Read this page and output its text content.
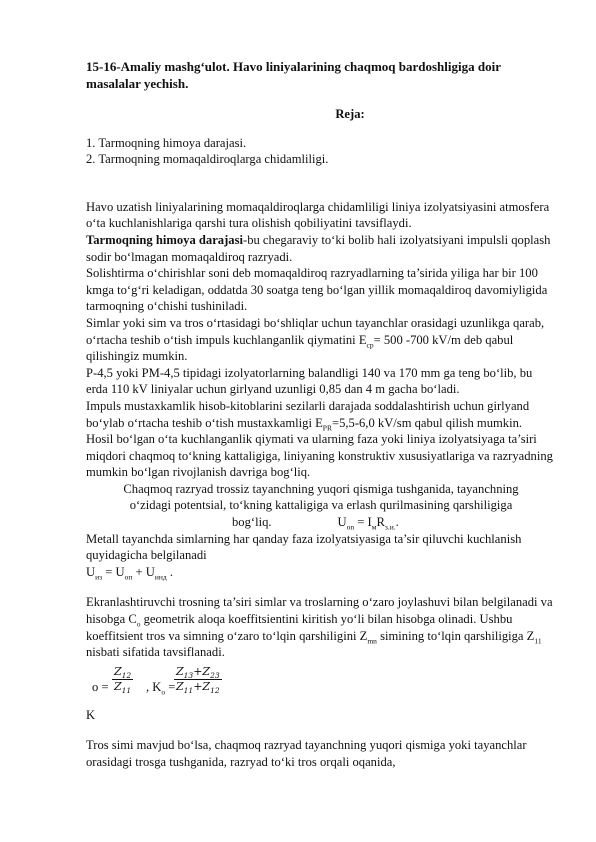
15-16-Amaliy mashg‘ulot. Havo liniyalarining chaqmoq bardoshligiga doir masalalar yechish.

Reja:

1. Tarmoqning himoya darajasi.

2. Tarmoqning momaqaldiroqlarga chidamliligi.

Havo uzatish liniyalarining momaqaldiroqlarga chidamliligi liniya izolyatsiyasini atmosfera o‘ta kuchlanishlariga qarshi tura olishish qobiliyatini tavsiflaydi.

Tarmoqning himoya darajasi-bu chegaraviy to‘ki bolib hali izolyatsiyani impulsli qoplash sodir bo‘lmagan momaqaldiroq razryadi.

Solishtirma o‘chirishlar soni deb momaqaldiroq razryadlarning ta’sirida yiliga har bir 100 kmga to‘g‘ri keladigan, oddatda 30 soatga teng bo‘lgan yillik momaqaldiroq davomiyligida tarmoqning o‘chishi tushiniladi.

Simlar yoki sim va tros o‘rtasidagi bo‘shliqlar uchun tayanchlar orasidagi uzunlikga qarab, o‘rtacha teshib o‘tish impuls kuchlanganlik qiymatini $E_{cp}= 500$ -700 kV/m deb qabul qilishingiz mumkin.

P-4,5 yoki PM-4,5 tipidagi izolyatorlarning balandligi 140 va 170 mm ga teng bo‘lib, bu erda 110 kV liniyalar uchun girlyand uzunligi 0,85 dan 4 m gacha bo‘ladi.

Impuls mustaxkamlik hisob-kitoblarini sezilarli darajada soddalashtirish uchun girlyand bo‘ylab o‘rtacha teshib o‘tish mustaxkamligi $E_{PR}=5,5-6,0$ kV/sm qabul qilish mumkin.

Hosil bo‘lgan o‘ta kuchlanganlik qiymati va ularning faza yoki liniya izolyatsiyaga ta’siri miqdori chaqmoq to‘kning kattaligiga, liniyaning konstruktiv xususiyatlariga va razryadning mumkin bo‘lgan rivojlanish davriga bog‘liq.

Chaqmoq razryad trossiz tayanchning yuqori qismiga tushganida, tayanchning

o‘zidagi potentsial, to‘kning kattaligiga va erlash qurilmasining qarshiligiga

bog‘liq.	$U_{on} = I_мR_{з.и.}$.

Metall tayanchda simlarning har qanday faza izolyatsiyasiga ta’sir qiluvchi kuchlanish quyidagicha belgilanadi

$U_{из} = U_{оп} + U_{инд}$ .

Ekranlashtiruvchi trosning ta’siri simlar va troslarning o‘zaro joylashuvi bilan belgilanadi va hisobga $C_o$ geometrik aloqa koeffitsientini kiritish yo‘li bilan hisobga olinadi. Ushbu koeffitsient tros va simning o‘zaro to‘lqin qarshiligini $Z_{mn}$ simining to‘lqin qarshiligiga $Z_{11}$ nisbati sifatida tavsiflanadi.

$o = \frac{Z_{12}}{Z_{11}}$ , $K_o$ =
$\frac{Z_{13}+Z_{23}}{Z_{11}+Z_{12}}$

K

Tros simi mavjud bo‘lsa, chaqmoq razryad tayanchning yuqori qismiga yoki tayanchlar orasidagi trosga tushganida, razryad to‘ki tros orqali oqanida,
